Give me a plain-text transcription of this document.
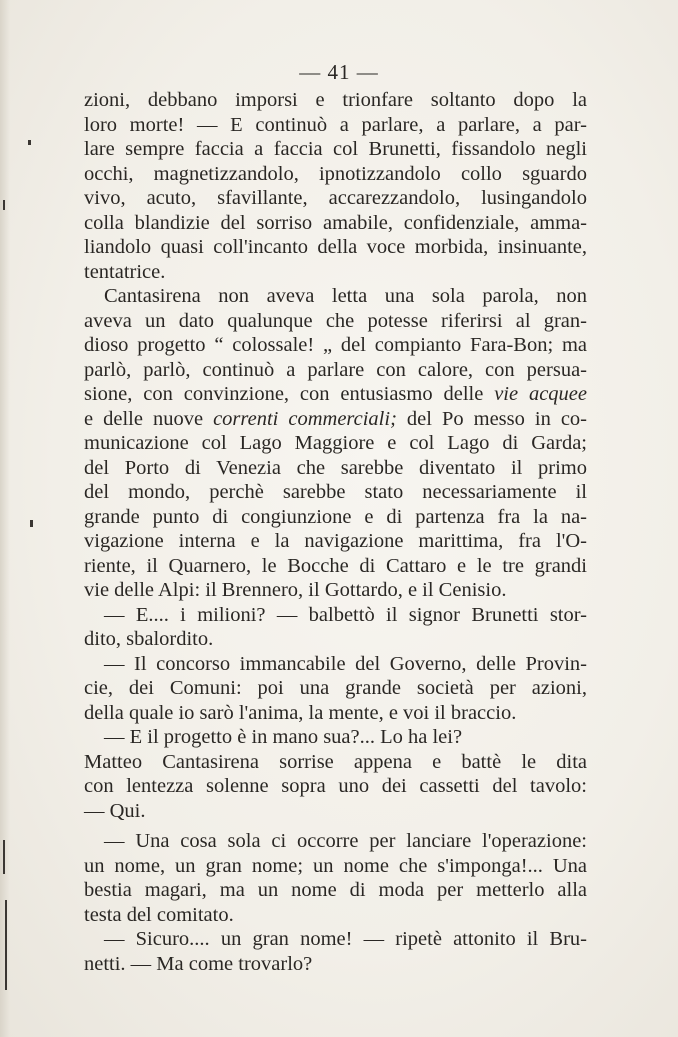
— 41 —
zioni, debbano imporsi e trionfare soltanto dopo la
loro morte! — E continuò a parlare, a parlare, a par-
lare sempre faccia a faccia col Brunetti, fissandolo negli
occhi, magnetizzandolo, ipnotizzandolo collo sguardo
vivo, acuto, sfavillante, accarezzandolo, lusingandolo
colla blandizie del sorriso amabile, confidenziale, amma-
liandolo quasi coll'incanto della voce morbida, insinuante,
tentatrice.
Cantasirena non aveva letta una sola parola, non
aveva un dato qualunque che potesse riferirsi al gran-
dioso progetto “ colossale! „ del compianto Fara-Bon; ma
parlò, parlò, continuò a parlare con calore, con persua-
sione, con convinzione, con entusiasmo delle vie acquee
e delle nuove correnti commerciali; del Po messo in co-
municazione col Lago Maggiore e col Lago di Garda;
del Porto di Venezia che sarebbe diventato il primo
del mondo, perchè sarebbe stato necessariamente il
grande punto di congiunzione e di partenza fra la na-
vigazione interna e la navigazione marittima, fra l'O-
riente, il Quarnero, le Bocche di Cattaro e le tre grandi
vie delle Alpi: il Brennero, il Gottardo, e il Cenisio.
— E.... i milioni? — balbettò il signor Brunetti stor-
dito, sbalordito.
— Il concorso immancabile del Governo, delle Provin-
cie, dei Comuni: poi una grande società per azioni,
della quale io sarò l'anima, la mente, e voi il braccio.
— E il progetto è in mano sua?... Lo ha lei?
Matteo Cantasirena sorrise appena e battè le dita
con lentezza solenne sopra uno dei cassetti del tavolo:
— Qui.
— Una cosa sola ci occorre per lanciare l'operazione:
un nome, un gran nome; un nome che s'imponga!... Una
bestia magari, ma un nome di moda per metterlo alla
testa del comitato.
— Sicuro.... un gran nome! — ripetè attonito il Bru-
netti. — Ma come trovarlo?
